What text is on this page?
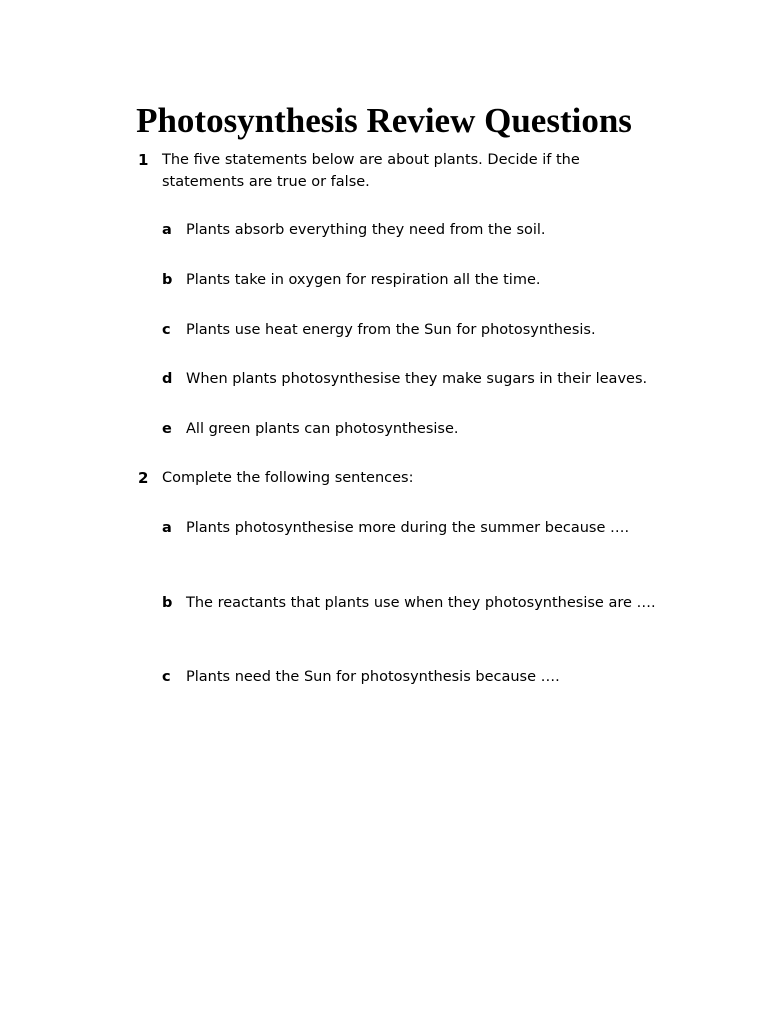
Photosynthesis Review Questions
1 The five statements below are about plants. Decide if the statements are true or false.
a Plants absorb everything they need from the soil.
b Plants take in oxygen for respiration all the time.
c Plants use heat energy from the Sun for photosynthesis.
d When plants photosynthesise they make sugars in their leaves.
e All green plants can photosynthesise.
2 Complete the following sentences:
a Plants photosynthesise more during the summer because ….
b The reactants that plants use when they photosynthesise are ….
c Plants need the Sun for photosynthesis because ….
